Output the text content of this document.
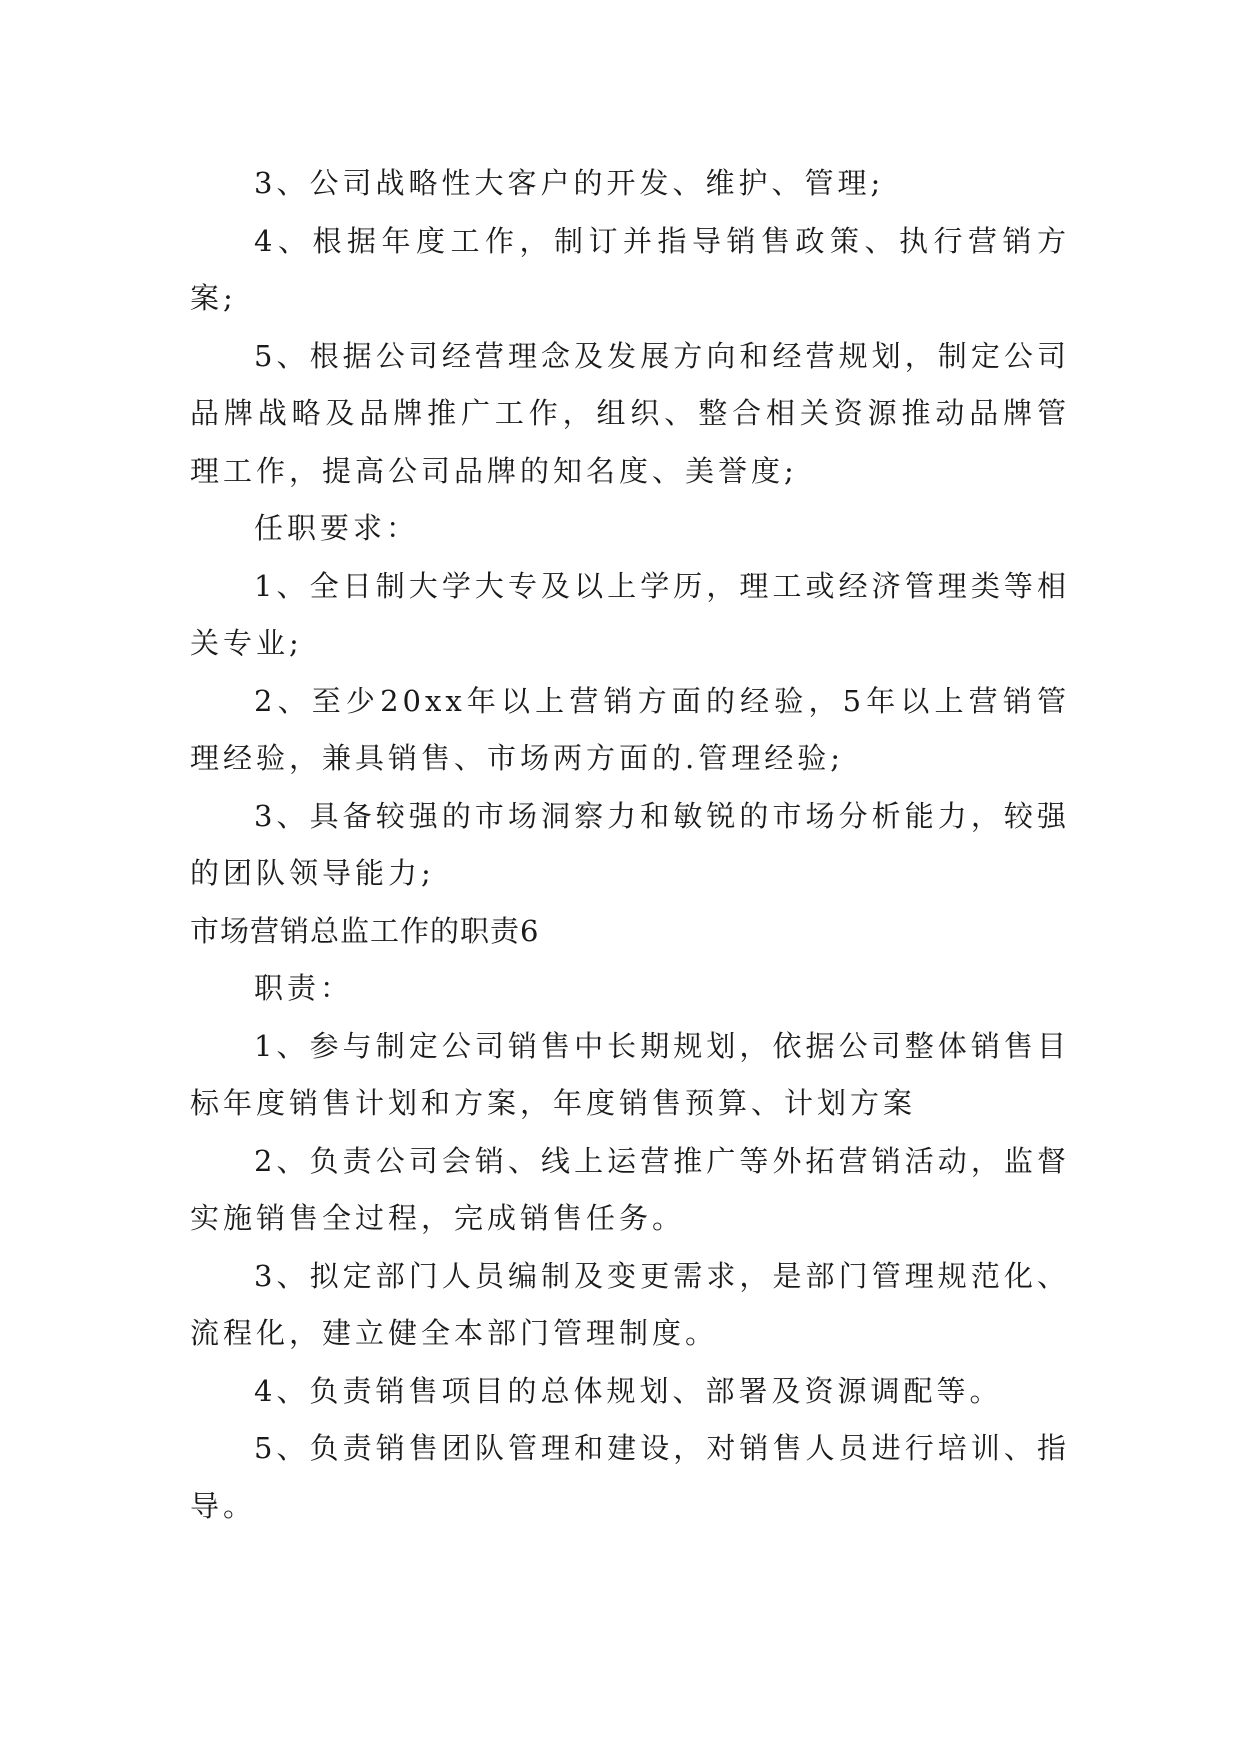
3、公司战略性大客户的开发、维护、管理;

4、根据年度工作，制订并指导销售政策、执行营销方案;

5、根据公司经营理念及发展方向和经营规划，制定公司品牌战略及品牌推广工作，组织、整合相关资源推动品牌管理工作，提高公司品牌的知名度、美誉度;

任职要求：

1、全日制大学大专及以上学历，理工或经济管理类等相关专业;

2、至少20xx年以上营销方面的经验，5年以上营销管理经验，兼具销售、市场两方面的.管理经验;

3、具备较强的市场洞察力和敏锐的市场分析能力，较强的团队领导能力;

市场营销总监工作的职责6

职责：

1、参与制定公司销售中长期规划，依据公司整体销售目标年度销售计划和方案，年度销售预算、计划方案

2、负责公司会销、线上运营推广等外拓营销活动，监督实施销售全过程，完成销售任务。

3、拟定部门人员编制及变更需求，是部门管理规范化、流程化，建立健全本部门管理制度。

4、负责销售项目的总体规划、部署及资源调配等。

5、负责销售团队管理和建设，对销售人员进行培训、指导。
